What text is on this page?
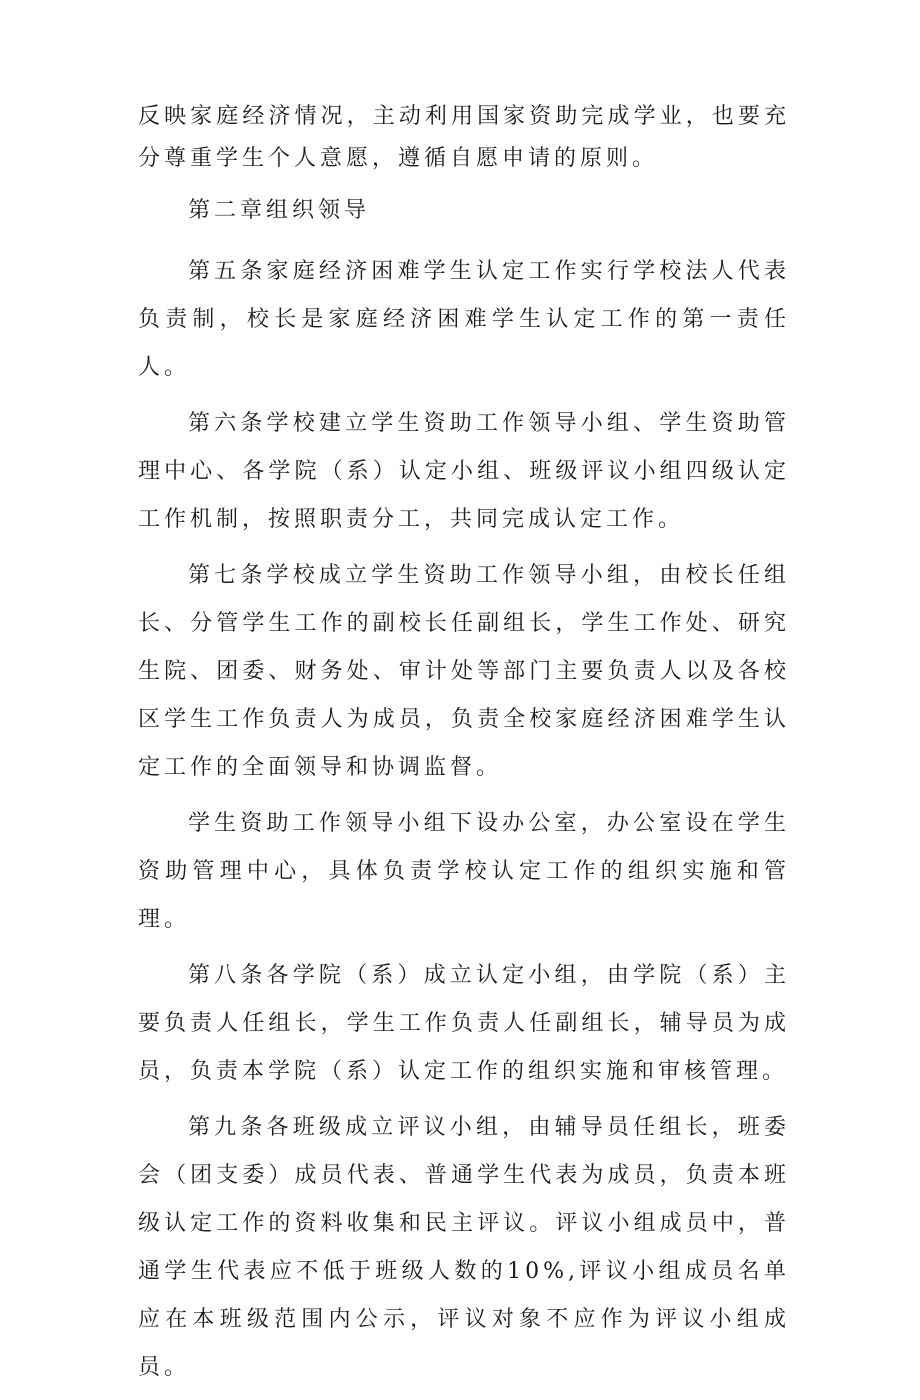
反映家庭经济情况，主动利用国家资助完成学业，也要充分尊重学生个人意愿，遵循自愿申请的原则。

第二章组织领导

第五条家庭经济困难学生认定工作实行学校法人代表负责制，校长是家庭经济困难学生认定工作的第一责任人。

第六条学校建立学生资助工作领导小组、学生资助管理中心、各学院（系）认定小组、班级评议小组四级认定工作机制，按照职责分工，共同完成认定工作。

第七条学校成立学生资助工作领导小组，由校长任组长、分管学生工作的副校长任副组长，学生工作处、研究生院、团委、财务处、审计处等部门主要负责人以及各校区学生工作负责人为成员，负责全校家庭经济困难学生认定工作的全面领导和协调监督。

学生资助工作领导小组下设办公室，办公室设在学生资助管理中心，具体负责学校认定工作的组织实施和管理。

第八条各学院（系）成立认定小组，由学院（系）主要负责人任组长，学生工作负责人任副组长，辅导员为成员，负责本学院（系）认定工作的组织实施和审核管理。

第九条各班级成立评议小组，由辅导员任组长，班委会（团支委）成员代表、普通学生代表为成员，负责本班级认定工作的资料收集和民主评议。评议小组成员中，普通学生代表应不低于班级人数的10%,评议小组成员名单应在本班级范围内公示，评议对象不应作为评议小组成员。
